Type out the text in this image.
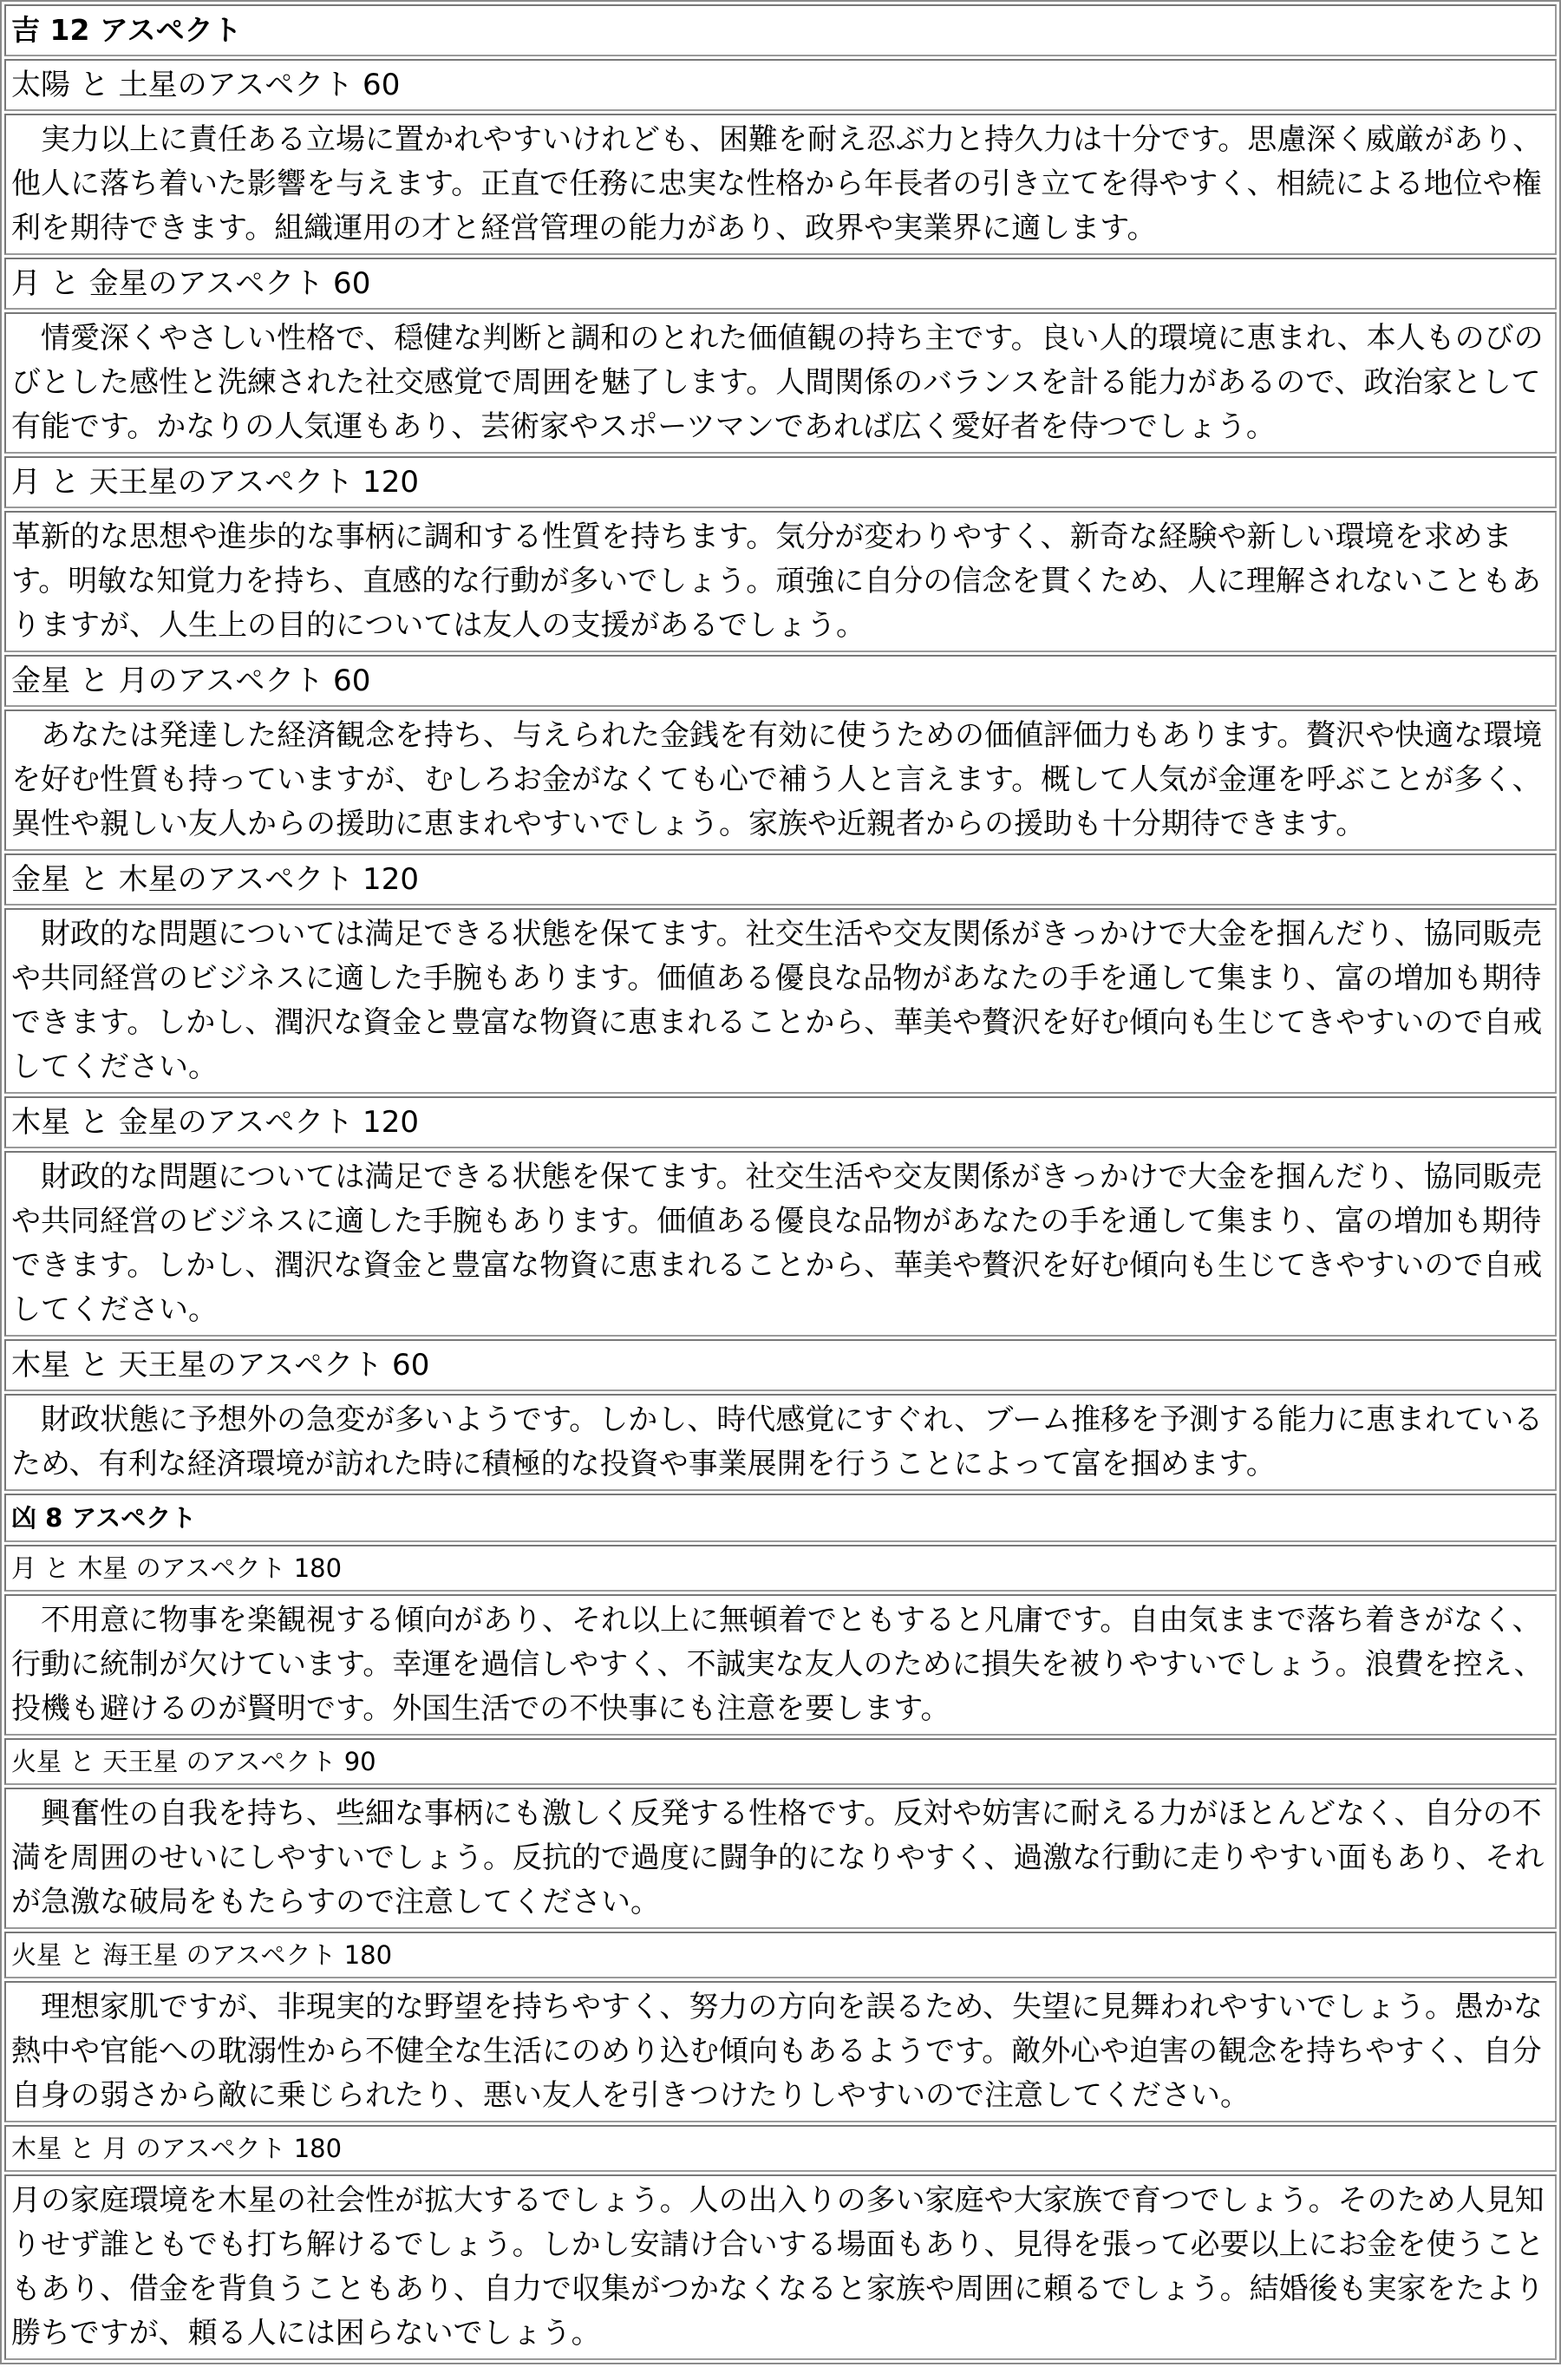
吉 12 アスペクト
太陽 と 土星のアスペクト 60
　実力以上に責任ある立場に置かれやすいけれども、困難を耐え忍ぶ力と持久力は十分です。思慮深く威厳があり、他人に落ち着いた影響を与えます。正直で任務に忠実な性格から年長者の引き立てを得やすく、相続による地位や権利を期待できます。組織運用の才と経営管理の能力があり、政界や実業界に適します。
月 と 金星のアスペクト 60
　情愛深くやさしい性格で、穏健な判断と調和のとれた価値観の持ち主です。良い人的環境に恵まれ、本人ものびのびとした感性と洗練された社交感覚で周囲を魅了します。人間関係のバランスを計る能力があるので、政治家として有能です。かなりの人気運もあり、芸術家やスポーツマンであれば広く愛好者を侍つでしょう。
月 と 天王星のアスペクト 120
革新的な思想や進歩的な事柄に調和する性質を持ちます。気分が変わりやすく、新奇な経験や新しい環境を求めます。明敏な知覚力を持ち、直感的な行動が多いでしょう。頑強に自分の信念を貫くため、人に理解されないこともありますが、人生上の目的については友人の支援があるでしょう。
金星 と 月のアスペクト 60
　あなたは発達した経済観念を持ち、与えられた金銭を有効に使うための価値評価力もあります。贅沢や快適な環境を好む性質も持っていますが、むしろお金がなくても心で補う人と言えます。概して人気が金運を呼ぶことが多く、異性や親しい友人からの援助に恵まれやすいでしょう。家族や近親者からの援助も十分期待できます。
金星 と 木星のアスペクト 120
　財政的な問題については満足できる状態を保てます。社交生活や交友関係がきっかけで大金を掴んだり、協同販売や共同経営のビジネスに適した手腕もあります。価値ある優良な品物があなたの手を通して集まり、富の増加も期待できます。しかし、潤沢な資金と豊富な物資に恵まれることから、華美や贅沢を好む傾向も生じてきやすいので自戒してください。
木星 と 金星のアスペクト 120
　財政的な問題については満足できる状態を保てます。社交生活や交友関係がきっかけで大金を掴んだり、協同販売や共同経営のビジネスに適した手腕もあります。価値ある優良な品物があなたの手を通して集まり、富の増加も期待できます。しかし、潤沢な資金と豊富な物資に恵まれることから、華美や贅沢を好む傾向も生じてきやすいので自戒してください。
木星 と 天王星のアスペクト 60
　財政状態に予想外の急変が多いようです。しかし、時代感覚にすぐれ、ブーム推移を予測する能力に恵まれているため、有利な経済環境が訪れた時に積極的な投資や事業展開を行うことによって富を掴めます。
凶 8 アスペクト
月 と 木星 のアスペクト 180
　不用意に物事を楽観視する傾向があり、それ以上に無頓着でともすると凡庸です。自由気ままで落ち着きがなく、行動に統制が欠けています。幸運を過信しやすく、不誠実な友人のために損失を被りやすいでしょう。浪費を控え、投機も避けるのが賢明です。外国生活での不快事にも注意を要します。
火星 と 天王星 のアスペクト 90
　興奮性の自我を持ち、些細な事柄にも激しく反発する性格です。反対や妨害に耐える力がほとんどなく、自分の不満を周囲のせいにしやすいでしょう。反抗的で過度に闘争的になりやすく、過激な行動に走りやすい面もあり、それが急激な破局をもたらすので注意してください。
火星 と 海王星 のアスペクト 180
　理想家肌ですが、非現実的な野望を持ちやすく、努力の方向を誤るため、失望に見舞われやすいでしょう。愚かな熱中や官能への耽溺性から不健全な生活にのめり込む傾向もあるようです。敵外心や迫害の観念を持ちやすく、自分自身の弱さから敵に乗じられたり、悪い友人を引きつけたりしやすいので注意してください。
木星 と 月 のアスペクト 180
月の家庭環境を木星の社会性が拡大するでしょう。人の出入りの多い家庭や大家族で育つでしょう。そのため人見知りせず誰ともでも打ち解けるでしょう。しかし安請け合いする場面もあり、見得を張って必要以上にお金を使うこともあり、借金を背負うこともあり、自力で収集がつかなくなると家族や周囲に頼るでしょう。結婚後も実家をたより勝ちですが、頼る人には困らないでしょう。
